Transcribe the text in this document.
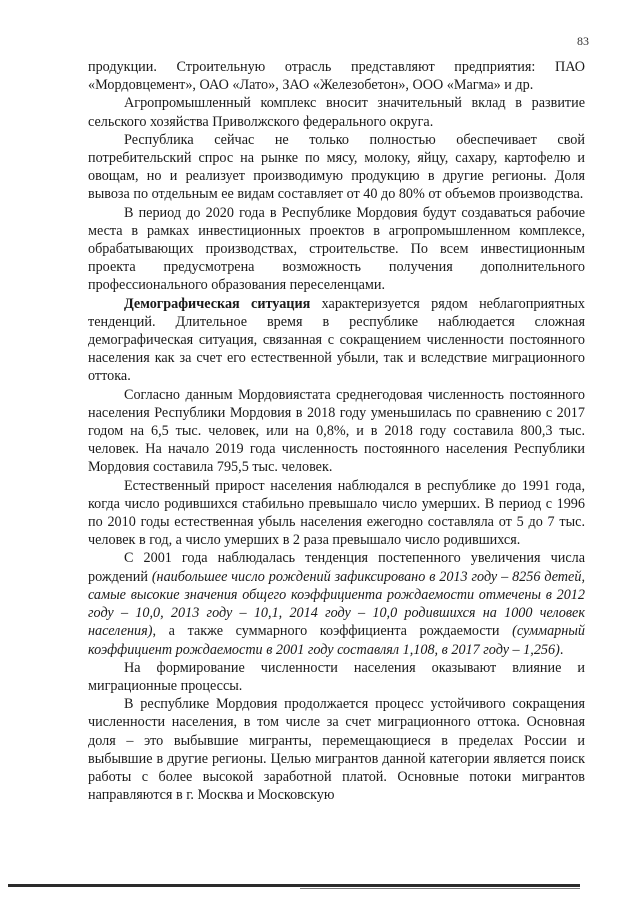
83

продукции. Строительную отрасль представляют предприятия: ПАО «Мордовцемент», ОАО «Лато», ЗАО «Железобетон», ООО «Магма» и др.

Агропромышленный комплекс вносит значительный вклад в развитие сельского хозяйства Приволжского федерального округа.

Республика сейчас не только полностью обеспечивает свой потребительский спрос на рынке по мясу, молоку, яйцу, сахару, картофелю и овощам, но и реализует производимую продукцию в другие регионы. Доля вывоза по отдельным ее видам составляет от 40 до 80% от объемов производства.

В период до 2020 года в Республике Мордовия будут создаваться рабочие места в рамках инвестиционных проектов в агропромышленном комплексе, обрабатывающих производствах, строительстве. По всем инвестиционным проекта предусмотрена возможность получения дополнительного профессионального образования переселенцами.

Демографическая ситуация характеризуется рядом неблагоприятных тенденций. Длительное время в республике наблюдается сложная демографическая ситуация, связанная с сокращением численности постоянного населения как за счет его естественной убыли, так и вследствие миграционного оттока.

Согласно данным Мордовиястата среднегодовая численность постоянного населения Республики Мордовия в 2018 году уменьшилась по сравнению с 2017 годом на 6,5 тыс. человек, или на 0,8%, и в 2018 году составила 800,3 тыс. человек. На начало 2019 года численность постоянного населения Республики Мордовия составила 795,5 тыс. человек.

Естественный прирост населения наблюдался в республике до 1991 года, когда число родившихся стабильно превышало число умерших. В период с 1996 по 2010 годы естественная убыль населения ежегодно составляла от 5 до 7 тыс. человек в год, а число умерших в 2 раза превышало число родившихся.

С 2001 года наблюдалась тенденция постепенного увеличения числа рождений (наибольшее число рождений зафиксировано в 2013 году – 8256 детей, самые высокие значения общего коэффициента рождаемости отмечены в 2012 году – 10,0, 2013 году – 10,1, 2014 году – 10,0 родившихся на 1000 человек населения), а также суммарного коэффициента рождаемости (суммарный коэффициент рождаемости в 2001 году составлял 1,108, в 2017 году – 1,256).

На формирование численности населения оказывают влияние и миграционные процессы.

В республике Мордовия продолжается процесс устойчивого сокращения численности населения, в том числе за счет миграционного оттока. Основная доля – это выбывшие мигранты, перемещающиеся в пределах России и выбывшие в другие регионы. Целью мигрантов данной категории является поиск работы с более высокой заработной платой. Основные потоки мигрантов направляются в г. Москва и Московскую
